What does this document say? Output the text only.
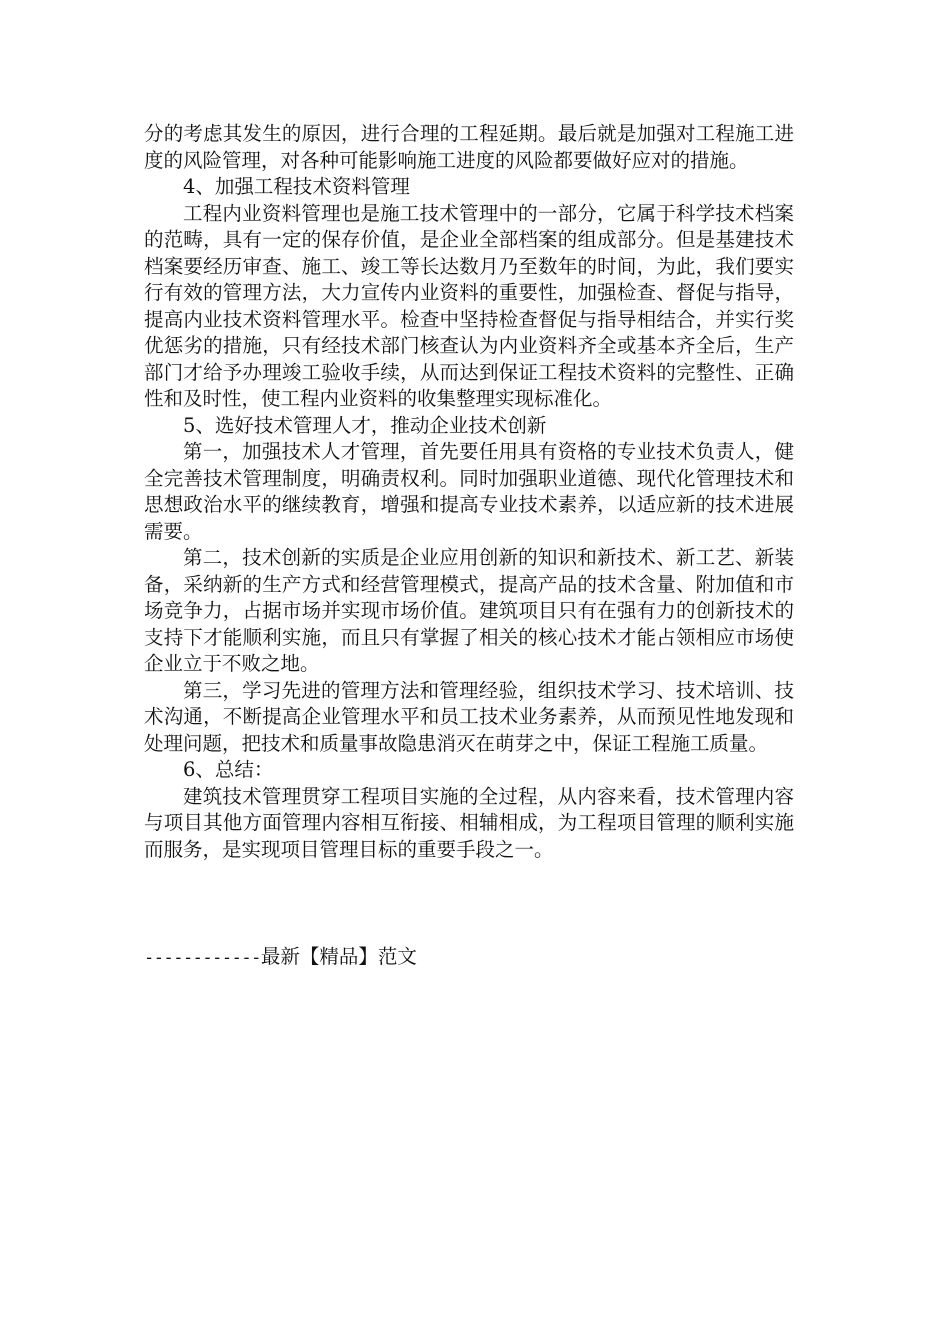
分的考虑其发生的原因，进行合理的工程延期。最后就是加强对工程施工进度的风险管理，对各种可能影响施工进度的风险都要做好应对的措施。

4、加强工程技术资料管理

工程内业资料管理也是施工技术管理中的一部分，它属于科学技术档案的范畴，具有一定的保存价值，是企业全部档案的组成部分。但是基建技术档案要经历审查、施工、竣工等长达数月乃至数年的时间，为此，我们要实行有效的管理方法，大力宣传内业资料的重要性，加强检查、督促与指导，提高内业技术资料管理水平。检查中坚持检查督促与指导相结合，并实行奖优惩劣的措施，只有经技术部门核查认为内业资料齐全或基本齐全后，生产部门才给予办理竣工验收手续，从而达到保证工程技术资料的完整性、正确性和及时性，使工程内业资料的收集整理实现标准化。

5、选好技术管理人才，推动企业技术创新

第一，加强技术人才管理，首先要任用具有资格的专业技术负责人，健全完善技术管理制度，明确责权利。同时加强职业道德、现代化管理技术和思想政治水平的继续教育，增强和提高专业技术素养，以适应新的技术进展需要。

第二，技术创新的实质是企业应用创新的知识和新技术、新工艺、新装备，采纳新的生产方式和经营管理模式，提高产品的技术含量、附加值和市场竞争力，占据市场并实现市场价值。建筑项目只有在强有力的创新技术的支持下才能顺利实施，而且只有掌握了相关的核心技术才能占领相应市场使企业立于不败之地。

第三，学习先进的管理方法和管理经验，组织技术学习、技术培训、技术沟通，不断提高企业管理水平和员工技术业务素养，从而预见性地发现和处理问题，把技术和质量事故隐患消灭在萌芽之中，保证工程施工质量。

6、总结：

建筑技术管理贯穿工程项目实施的全过程，从内容来看，技术管理内容与项目其他方面管理内容相互衔接、相辅相成，为工程项目管理的顺利实施而服务，是实现项目管理目标的重要手段之一。

------------最新【精品】范文
